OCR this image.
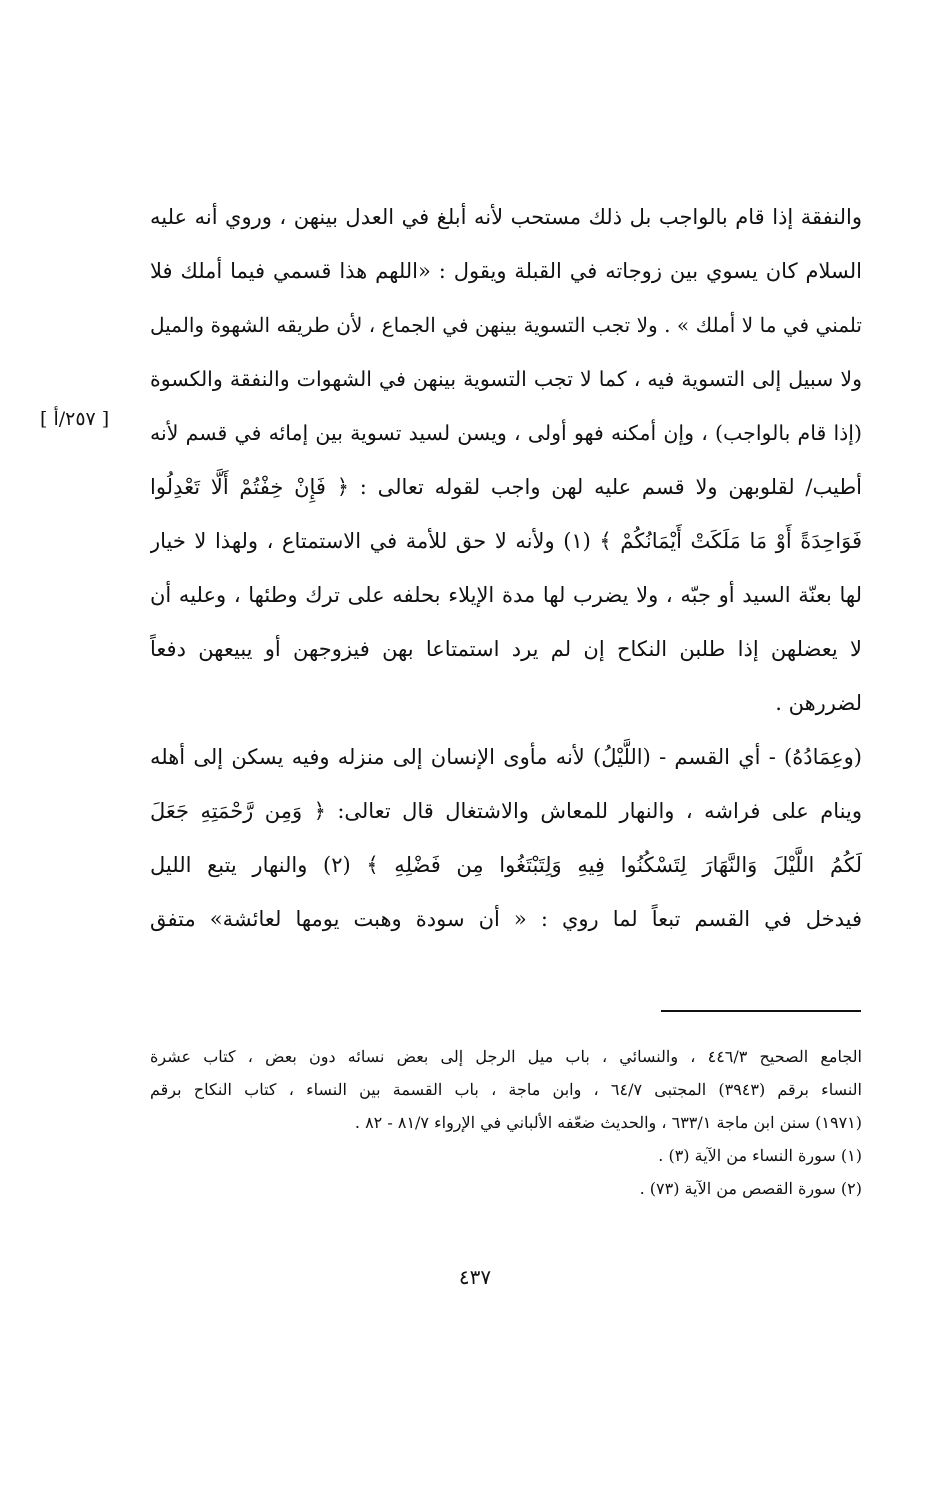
والنفقة إذا قام بالواجب بل ذلك مستحب لأنه أبلغ في العدل بينهن ، وروي أنه عليه
السلام كان يسوي بين زوجاته في القبلة ويقول : «اللهم هذا قسمي فيما أملك فلا
تلمني في ما لا أملك » . ولا تجب التسوية بينهن في الجماع ، لأن طريقه الشهوة والميل
ولا سبيل إلى التسوية فيه ، كما لا تجب التسوية بينهن في الشهوات والنفقة والكسوة
(إذا قام بالواجب) ، وإن أمكنه فهو أولى ، ويسن لسيد تسوية بين إمائه في قسم لأنه
أطيب/ لقلوبهن ولا قسم عليه لهن واجب لقوله تعالى : ﴿ فَإِنْ خِفْتُمْ أَلَّا تَعْدِلُوا
فَوَاحِدَةً أَوْ مَا مَلَكَتْ أَيْمَانُكُمْ ﴾ (١) ولأنه لا حق للأمة في الاستمتاع ، ولهذا لا خيار
لها بعنّة السيد أو جبّه ، ولا يضرب لها مدة الإيلاء بحلفه على ترك وطئها ، وعليه أن
لا يعضلهن إذا طلبن النكاح إن لم يرد استمتاعا بهن فيزوجهن أو يبيعهن دفعاً
لضررهن .
(وعِمَادُهُ) - أي القسم - (اللَّيْلُ) لأنه مأوى الإنسان إلى منزله وفيه يسكن إلى أهله
وينام على فراشه ، والنهار للمعاش والاشتغال قال تعالى: ﴿ وَمِن رَّحْمَتِهِ جَعَلَ
لَكُمُ اللَّيْلَ وَالنَّهَارَ لِتَسْكُنُوا فِيهِ وَلِتَبْتَغُوا مِن فَضْلِهِ ﴾ (٢) والنهار يتبع الليل
فيدخل في القسم تبعاً لما روي : « أن سودة وهبت يومها لعائشة» متفق
[ ٢٥٧/أ ]
الجامع الصحيح ٤٤٦/٣ ، والنسائي ، باب ميل الرجل إلى بعض نسائه دون بعض ، كتاب عشرة
النساء برقم (٣٩٤٣) المجتبى ٦٤/٧ ، وابن ماجة ، باب القسمة بين النساء ، كتاب النكاح برقم
(١٩٧١) سنن ابن ماجة ٦٣٣/١ ، والحديث ضعّفه الألباني في الإرواء ٨١/٧ - ٨٢ .
(١) سورة النساء من الآية (٣) .
(٢) سورة القصص من الآية (٧٣) .
٤٣٧
